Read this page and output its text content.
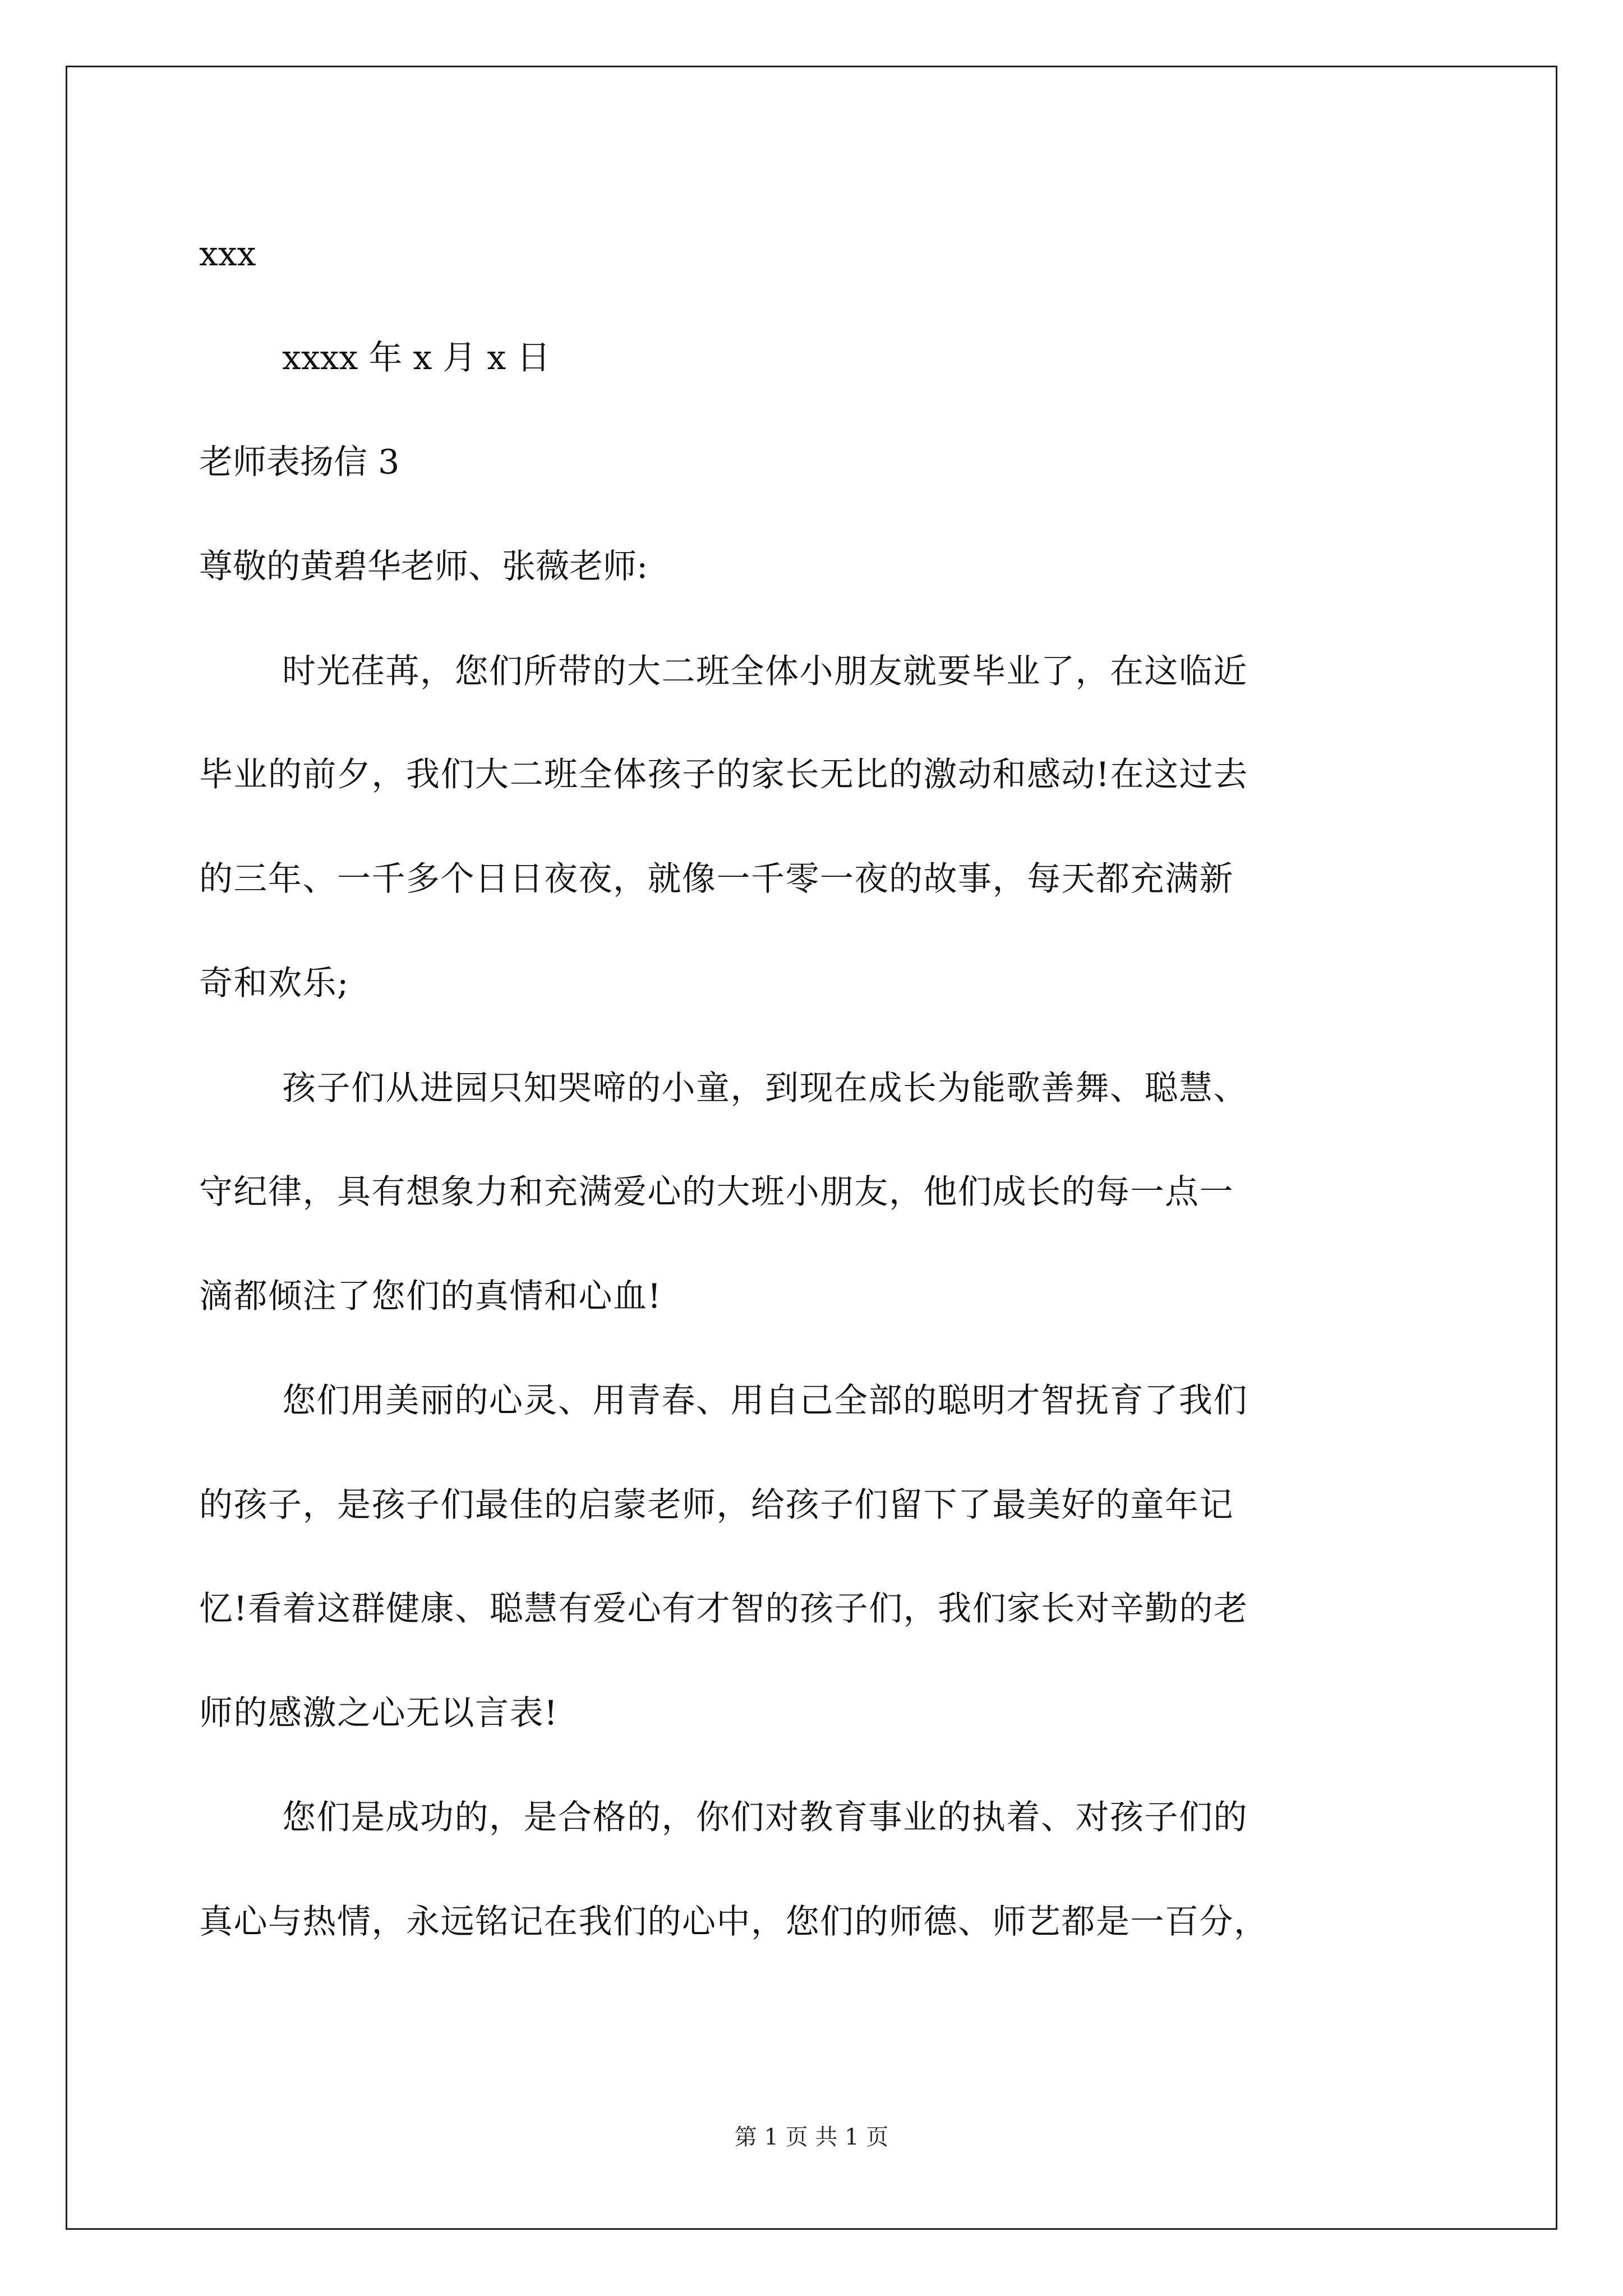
xxx
xxxx 年 x 月 x 日
老师表扬信 3
尊敬的黄碧华老师、张薇老师:
时光荏苒，您们所带的大二班全体小朋友就要毕业了，在这临近
毕业的前夕，我们大二班全体孩子的家长无比的激动和感动!在这过去
的三年、一千多个日日夜夜，就像一千零一夜的故事，每天都充满新
奇和欢乐;
孩子们从进园只知哭啼的小童，到现在成长为能歌善舞、聪慧、
守纪律，具有想象力和充满爱心的大班小朋友，他们成长的每一点一
滴都倾注了您们的真情和心血!
您们用美丽的心灵、用青春、用自己全部的聪明才智抚育了我们
的孩子，是孩子们最佳的启蒙老师，给孩子们留下了最美好的童年记
忆!看着这群健康、聪慧有爱心有才智的孩子们，我们家长对辛勤的老
师的感激之心无以言表!
您们是成功的，是合格的，你们对教育事业的执着、对孩子们的
真心与热情，永远铭记在我们的心中，您们的师德、师艺都是一百分，
第 1 页 共 1 页
